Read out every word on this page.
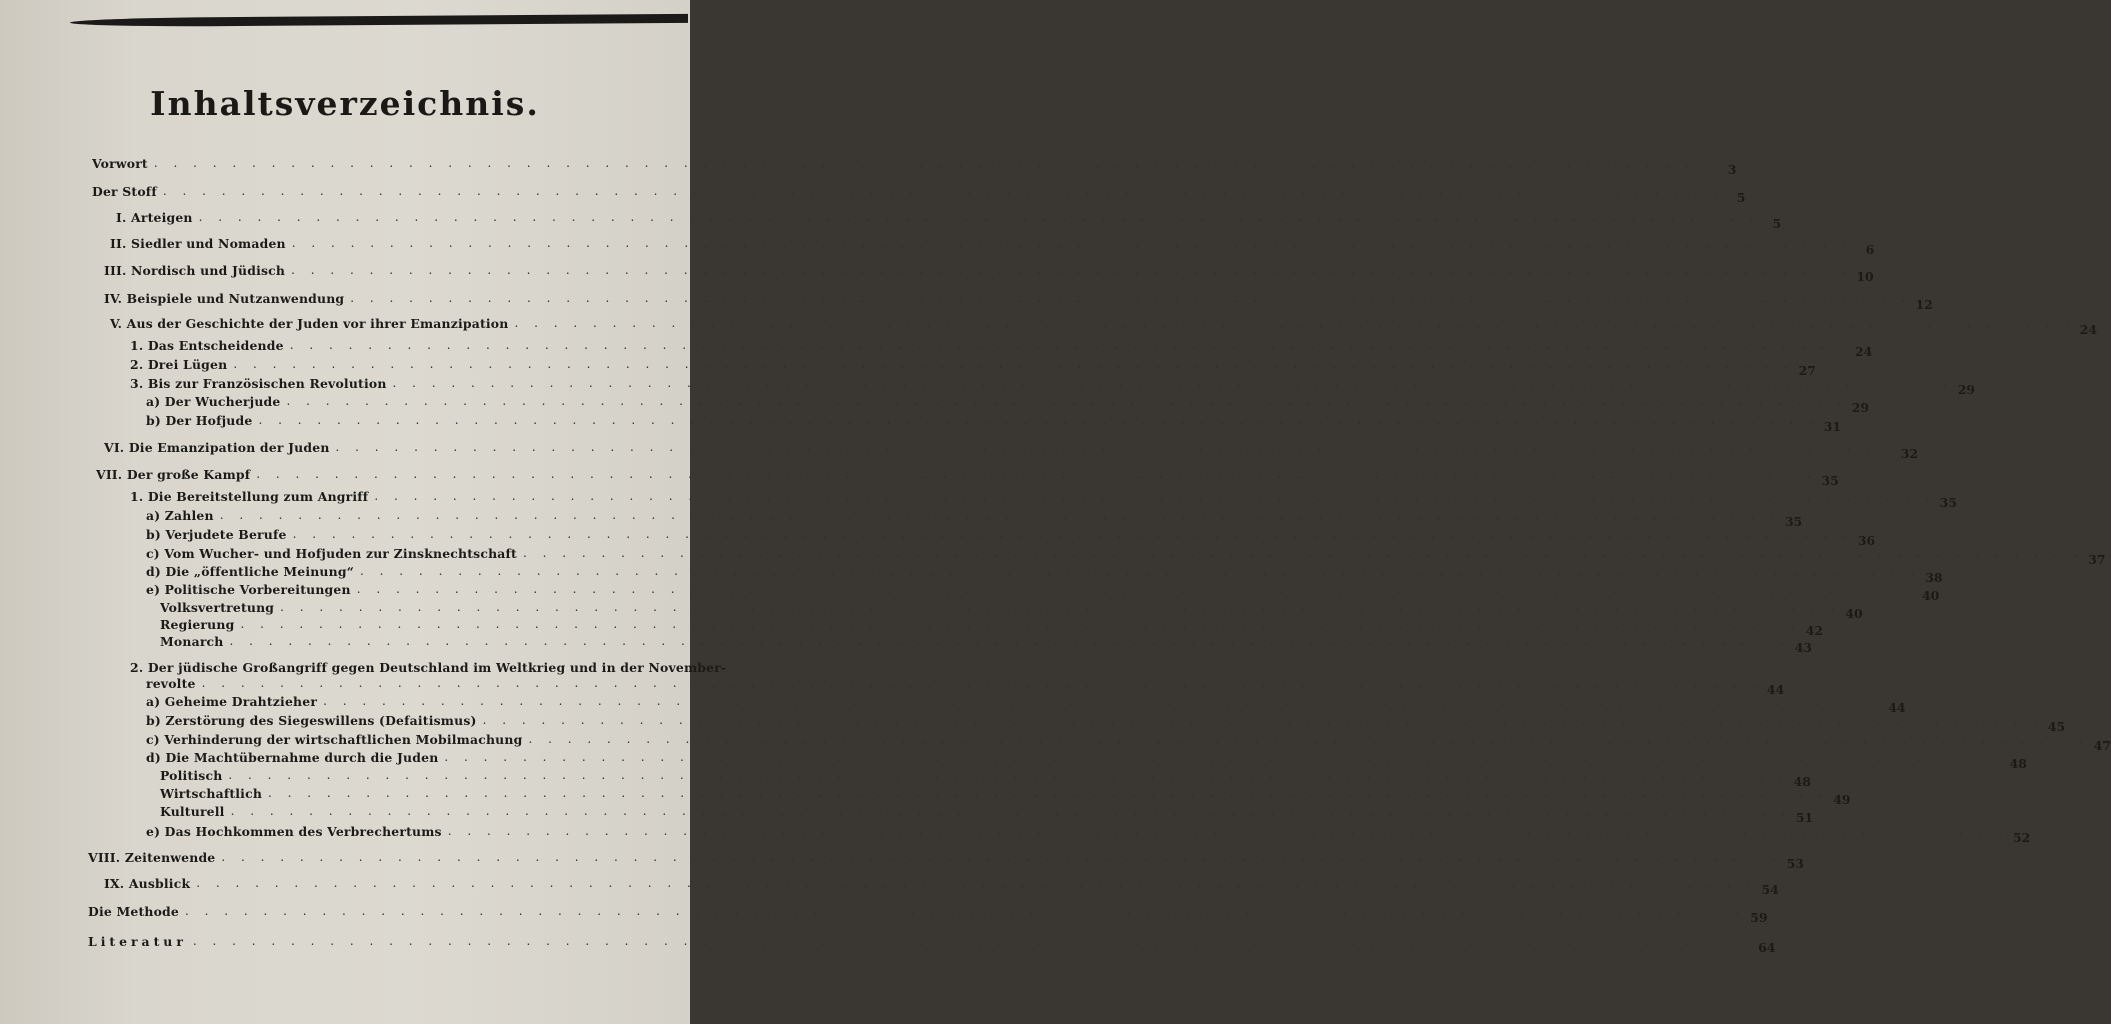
Inhaltsverzeichnis.
Vorwort . . . . . . . . . . . . . . . . . . . . . . . . . . . . . . . . . . . . . . . . . . . . . . . . . . . . . . . . . . . . . . . . . . . . . . . . . . . . . . . .	3
Der Stoff . . . . . . . . . . . . . . . . . . . . . . . . . . . . . . . . . . . . . . . . . . . . . . . . . . . . . . . . . . . . . . . . . . . . . . . . . . . . . . . .	5
I. Arteigen . . . . . . . . . . . . . . . . . . . . . . . . . . . . . . . . . . . . . . . . . . . . . . . . . . . . . . . . . . . . . . . . . . . . . . . . . . . . . . . .	5
II. Siedler und Nomaden . . . . . . . . . . . . . . . . . . . . . . . . . . . . . . . . . . . . . . . . . . . . . . . . . . . . . . . . . . . . . . . . . . . . . . . . . . . . . . . .	6
III. Nordisch und Jüdisch . . . . . . . . . . . . . . . . . . . . . . . . . . . . . . . . . . . . . . . . . . . . . . . . . . . . . . . . . . . . . . . . . . . . . . . . . . . . . . . . 10
IV. Beispiele und Nutzanwendung . . . . . . . . . . . . . . . . . . . . . . . . . . . . . . . . . . . . . . . . . . . . . . . . . . . . . . . . . . . . . . . . . . . . . . . . . . . . . . . . 12
V. Aus der Geschichte der Juden vor ihrer Emanzipation . . . . . . . . . . . . . . . . . . . . . . . . . . . . . . . . . . . . . . . . . . . . . . . . . . . . . . . . . . . . . . . . . . . . . . . . . . . . . . . . 24
1. Das Entscheidende . . . . . . . . . . . . . . . . . . . . . . . . . . . . . . . . . . . . . . . . . . . . . . . . . . . . . . . . . . . . . . . . . . . . . . . . . . . . . . . . 24
2. Drei Lügen . . . . . . . . . . . . . . . . . . . . . . . . . . . . . . . . . . . . . . . . . . . . . . . . . . . . . . . . . . . . . . . . . . . . . . . . . . . . . . . . 27
3. Bis zur Französischen Revolution . . . . . . . . . . . . . . . . . . . . . . . . . . . . . . . . . . . . . . . . . . . . . . . . . . . . . . . . . . . . . . . . . . . . . . . . . . . . . . . . 29
a) Der Wucherjude . . . . . . . . . . . . . . . . . . . . . . . . . . . . . . . . . . . . . . . . . . . . . . . . . . . . . . . . . . . . . . . . . . . . . . . . . . . . . . . . 29
b) Der Hofjude . . . . . . . . . . . . . . . . . . . . . . . . . . . . . . . . . . . . . . . . . . . . . . . . . . . . . . . . . . . . . . . . . . . . . . . . . . . . . . . . 31
VI. Die Emanzipation der Juden . . . . . . . . . . . . . . . . . . . . . . . . . . . . . . . . . . . . . . . . . . . . . . . . . . . . . . . . . . . . . . . . . . . . . . . . . . . . . . . . 32
VII. Der große Kampf . . . . . . . . . . . . . . . . . . . . . . . . . . . . . . . . . . . . . . . . . . . . . . . . . . . . . . . . . . . . . . . . . . . . . . . . . . . . . . . . 35
1. Die Bereitstellung zum Angriff . . . . . . . . . . . . . . . . . . . . . . . . . . . . . . . . . . . . . . . . . . . . . . . . . . . . . . . . . . . . . . . . . . . . . . . . . . . . . . . . 35
a) Zahlen . . . . . . . . . . . . . . . . . . . . . . . . . . . . . . . . . . . . . . . . . . . . . . . . . . . . . . . . . . . . . . . . . . . . . . . . . . . . . . . . 35
b) Verjudete Berufe . . . . . . . . . . . . . . . . . . . . . . . . . . . . . . . . . . . . . . . . . . . . . . . . . . . . . . . . . . . . . . . . . . . . . . . . . . . . . . . . 36
c) Vom Wucher- und Hofjuden zur Zinsknechtschaft . . . . . . . . . . . . . . . . . . . . . . . . . . . . . . . . . . . . . . . . . . . . . . . . . . . . . . . . . . . . . . . . . . . . . . . . . . . . . . . . 37
d) Die „öffentliche Meinung“ . . . . . . . . . . . . . . . . . . . . . . . . . . . . . . . . . . . . . . . . . . . . . . . . . . . . . . . . . . . . . . . . . . . . . . . . . . . . . . . . 38
e) Politische Vorbereitungen . . . . . . . . . . . . . . . . . . . . . . . . . . . . . . . . . . . . . . . . . . . . . . . . . . . . . . . . . . . . . . . . . . . . . . . . . . . . . . . . 40
Volksvertretung . . . . . . . . . . . . . . . . . . . . . . . . . . . . . . . . . . . . . . . . . . . . . . . . . . . . . . . . . . . . . . . . . . . . . . . . . . . . . . . . 40
Regierung . . . . . . . . . . . . . . . . . . . . . . . . . . . . . . . . . . . . . . . . . . . . . . . . . . . . . . . . . . . . . . . . . . . . . . . . . . . . . . . . 42
Monarch . . . . . . . . . . . . . . . . . . . . . . . . . . . . . . . . . . . . . . . . . . . . . . . . . . . . . . . . . . . . . . . . . . . . . . . . . . . . . . . . 43
2. Der jüdische Großangriff gegen Deutschland im Weltkrieg und in der November-
revolte . . . . . . . . . . . . . . . . . . . . . . . . . . . . . . . . . . . . . . . . . . . . . . . . . . . . . . . . . . . . . . . . . . . . . . . . . . . . . . . . 44
a) Geheime Drahtzieher . . . . . . . . . . . . . . . . . . . . . . . . . . . . . . . . . . . . . . . . . . . . . . . . . . . . . . . . . . . . . . . . . . . . . . . . . . . . . . . . 44
b) Zerstörung des Siegeswillens (Defaitismus) . . . . . . . . . . . . . . . . . . . . . . . . . . . . . . . . . . . . . . . . . . . . . . . . . . . . . . . . . . . . . . . . . . . . . . . . . . . . . . . . 45
c) Verhinderung der wirtschaftlichen Mobilmachung . . . . . . . . . . . . . . . . . . . . . . . . . . . . . . . . . . . . . . . . . . . . . . . . . . . . . . . . . . . . . . . . . . . . . . . . . . . . . . . . 47
d) Die Machtübernahme durch die Juden . . . . . . . . . . . . . . . . . . . . . . . . . . . . . . . . . . . . . . . . . . . . . . . . . . . . . . . . . . . . . . . . . . . . . . . . . . . . . . . . 48
Politisch . . . . . . . . . . . . . . . . . . . . . . . . . . . . . . . . . . . . . . . . . . . . . . . . . . . . . . . . . . . . . . . . . . . . . . . . . . . . . . . . 48
Wirtschaftlich . . . . . . . . . . . . . . . . . . . . . . . . . . . . . . . . . . . . . . . . . . . . . . . . . . . . . . . . . . . . . . . . . . . . . . . . . . . . . . . . 49
Kulturell . . . . . . . . . . . . . . . . . . . . . . . . . . . . . . . . . . . . . . . . . . . . . . . . . . . . . . . . . . . . . . . . . . . . . . . . . . . . . . . . 51
e) Das Hochkommen des Verbrechertums . . . . . . . . . . . . . . . . . . . . . . . . . . . . . . . . . . . . . . . . . . . . . . . . . . . . . . . . . . . . . . . . . . . . . . . . . . . . . . . . 52
VIII. Zeitenwende . . . . . . . . . . . . . . . . . . . . . . . . . . . . . . . . . . . . . . . . . . . . . . . . . . . . . . . . . . . . . . . . . . . . . . . . . . . . . . . . 53
IX. Ausblick . . . . . . . . . . . . . . . . . . . . . . . . . . . . . . . . . . . . . . . . . . . . . . . . . . . . . . . . . . . . . . . . . . . . . . . . . . . . . . . . 54
Die Methode . . . . . . . . . . . . . . . . . . . . . . . . . . . . . . . . . . . . . . . . . . . . . . . . . . . . . . . . . . . . . . . . . . . . . . . . . . . . . . . . 59
Literatur . . . . . . . . . . . . . . . . . . . . . . . . . . . . . . . . . . . . . . . . . . . . . . . . . . . . . . . . . . . . . . . . . . . . . . . . . . . . . . . . 64
